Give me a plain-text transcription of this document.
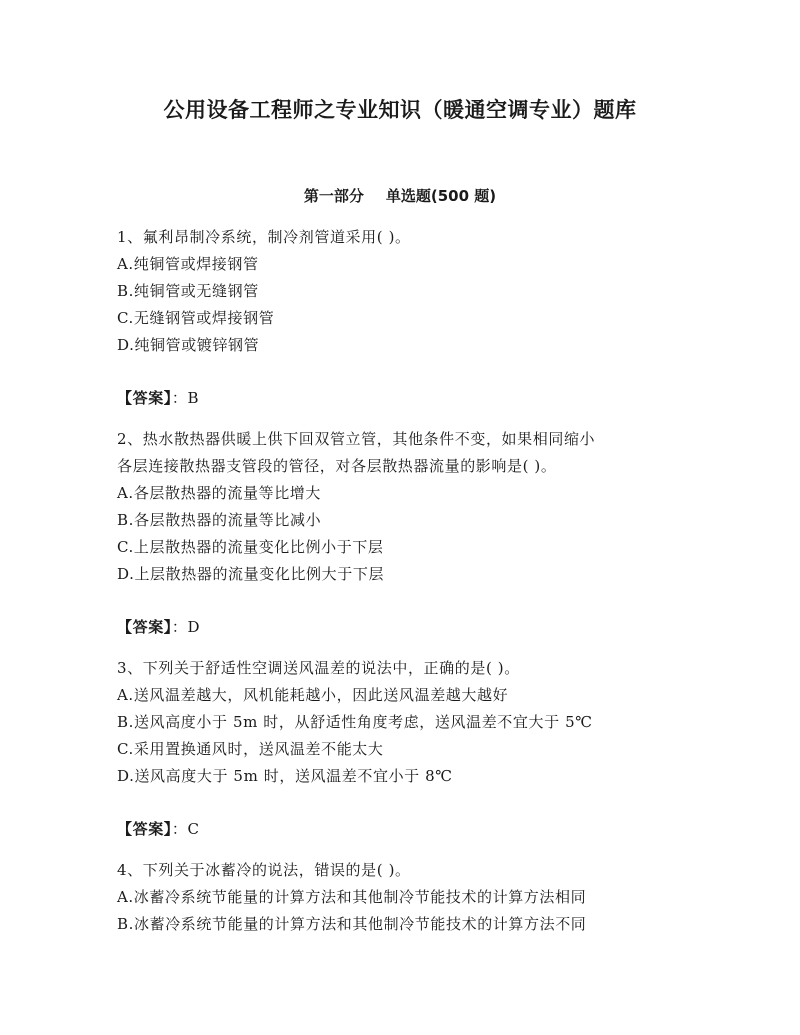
公用设备工程师之专业知识（暖通空调专业）题库
第一部分 单选题(500 题)
1、氟利昂制冷系统，制冷剂管道采用( )。
A.纯铜管或焊接钢管
B.纯铜管或无缝钢管
C.无缝钢管或焊接钢管
D.纯铜管或镀锌钢管
【答案】：B
2、热水散热器供暖上供下回双管立管，其他条件不变，如果相同缩小
各层连接散热器支管段的管径，对各层散热器流量的影响是( )。
A.各层散热器的流量等比增大
B.各层散热器的流量等比减小
C.上层散热器的流量变化比例小于下层
D.上层散热器的流量变化比例大于下层
【答案】：D
3、下列关于舒适性空调送风温差的说法中，正确的是( )。
A.送风温差越大，风机能耗越小，因此送风温差越大越好
B.送风高度小于 5m 时，从舒适性角度考虑，送风温差不宜大于 5℃
C.采用置换通风时，送风温差不能太大
D.送风高度大于 5m 时，送风温差不宜小于 8℃
【答案】：C
4、下列关于冰蓄冷的说法，错误的是( )。
A.冰蓄冷系统节能量的计算方法和其他制冷节能技术的计算方法相同
B.冰蓄冷系统节能量的计算方法和其他制冷节能技术的计算方法不同
